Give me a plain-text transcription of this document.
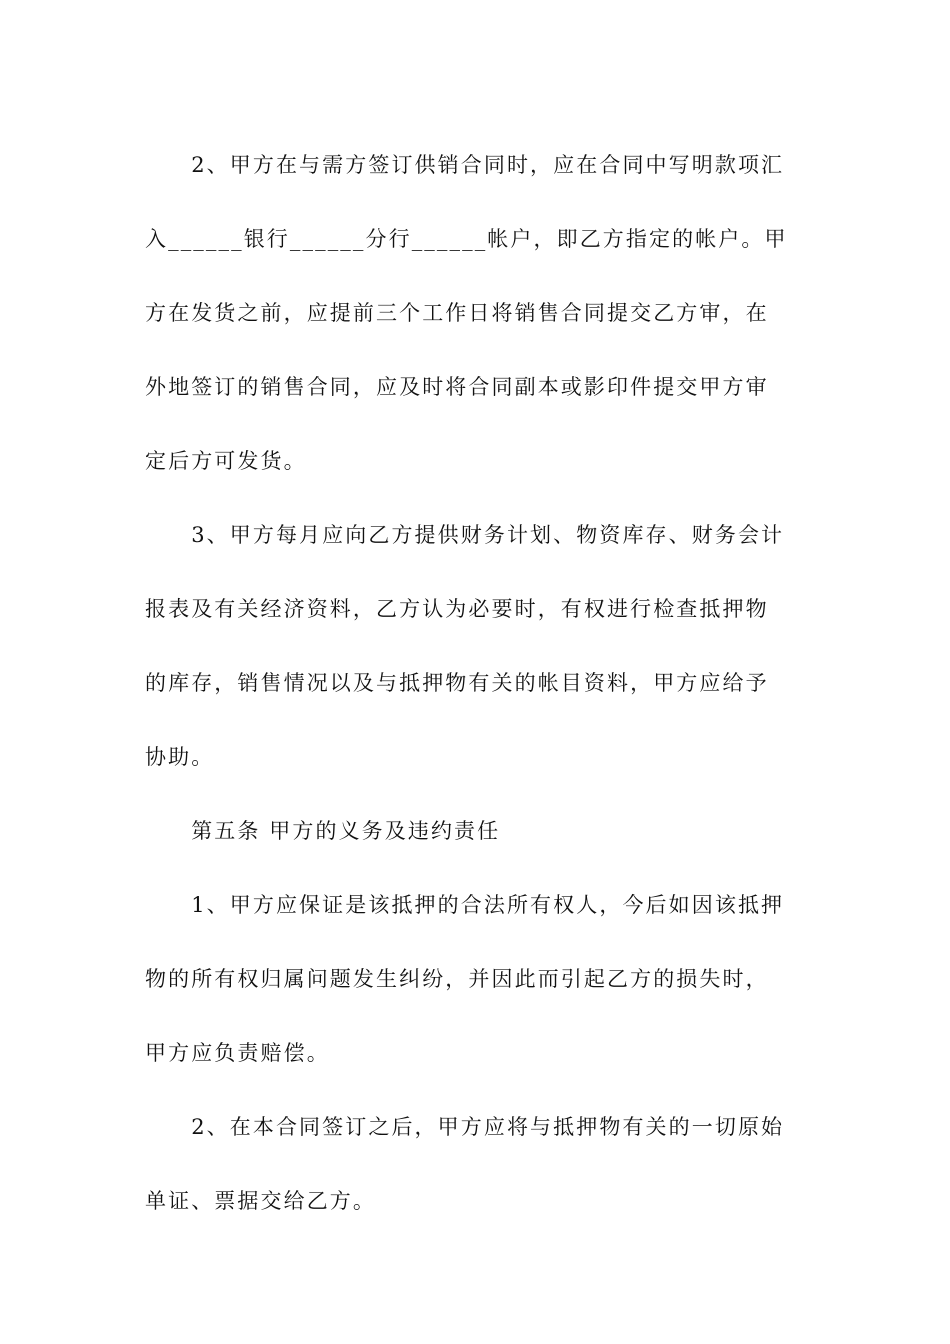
2、甲方在与需方签订供销合同时，应在合同中写明款项汇
入______银行______分行______帐户，即乙方指定的帐户。甲
方在发货之前，应提前三个工作日将销售合同提交乙方审，在
外地签订的销售合同，应及时将合同副本或影印件提交甲方审
定后方可发货。

3、甲方每月应向乙方提供财务计划、物资库存、财务会计
报表及有关经济资料，乙方认为必要时，有权进行检查抵押物
的库存，销售情况以及与抵押物有关的帐目资料，甲方应给予
协助。

第五条 甲方的义务及违约责任

1、甲方应保证是该抵押的合法所有权人，今后如因该抵押
物的所有权归属问题发生纠纷，并因此而引起乙方的损失时，
甲方应负责赔偿。

2、在本合同签订之后，甲方应将与抵押物有关的一切原始
单证、票据交给乙方。
